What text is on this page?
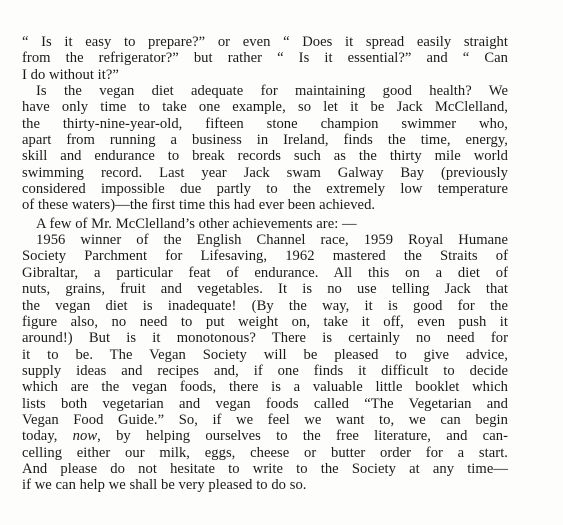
“ Is it easy to prepare?” or even “ Does it spread easily straight
from the refrigerator?” but rather “ Is it essential?” and “ Can
I do without it?”
Is the vegan diet adequate for maintaining good health? We
have only time to take one example, so let it be Jack McClelland,
the thirty-nine-year-old, fifteen stone champion swimmer who,
apart from running a business in Ireland, finds the time, energy,
skill and endurance to break records such as the thirty mile world
swimming record. Last year Jack swam Galway Bay (previously
considered impossible due partly to the extremely low temperature
of these waters)—the first time this had ever been achieved.
A few of Mr. McClelland’s other achievements are: —
1956 winner of the English Channel race, 1959 Royal Humane
Society Parchment for Lifesaving, 1962 mastered the Straits of
Gibraltar, a particular feat of endurance. All this on a diet of
nuts, grains, fruit and vegetables. It is no use telling Jack that
the vegan diet is inadequate! (By the way, it is good for the
figure also, no need to put weight on, take it off, even push it
around!) But is it monotonous? There is certainly no need for
it to be. The Vegan Society will be pleased to give advice,
supply ideas and recipes and, if one finds it difficult to decide
which are the vegan foods, there is a valuable little booklet which
lists both vegetarian and vegan foods called “The Vegetarian and
Vegan Food Guide.” So, if we feel we want to, we can begin
today, now, by helping ourselves to the free literature, and can-
celling either our milk, eggs, cheese or butter order for a start.
And please do not hesitate to write to the Society at any time—
if we can help we shall be very pleased to do so.
